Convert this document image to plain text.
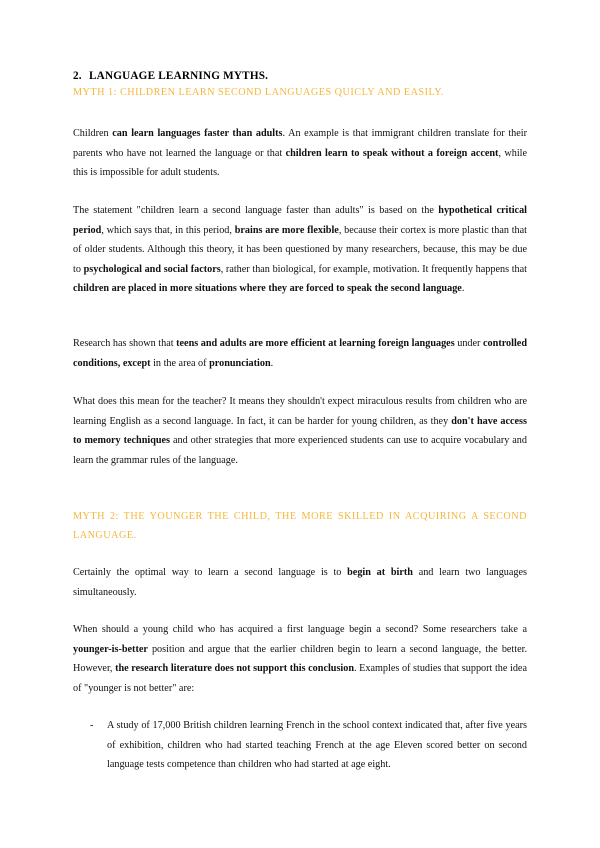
2. LANGUAGE LEARNING MYTHS.
MYTH 1: CHILDREN LEARN SECOND LANGUAGES QUICLY AND EASILY.
Children can learn languages faster than adults. An example is that immigrant children translate for their parents who have not learned the language or that children learn to speak without a foreign accent, while this is impossible for adult students.
The statement "children learn a second language faster than adults" is based on the hypothetical critical period, which says that, in this period, brains are more flexible, because their cortex is more plastic than that of older students. Although this theory, it has been questioned by many researchers, because, this may be due to psychological and social factors, rather than biological, for example, motivation. It frequently happens that children are placed in more situations where they are forced to speak the second language.
Research has shown that teens and adults are more efficient at learning foreign languages under controlled conditions, except in the area of pronunciation.
What does this mean for the teacher? It means they shouldn't expect miraculous results from children who are learning English as a second language. In fact, it can be harder for young children, as they don't have access to memory techniques and other strategies that more experienced students can use to acquire vocabulary and learn the grammar rules of the language.
MYTH 2: THE YOUNGER THE CHILD, THE MORE SKILLED IN ACQUIRING A SECOND LANGUAGE.
Certainly the optimal way to learn a second language is to begin at birth and learn two languages simultaneously.
When should a young child who has acquired a first language begin a second? Some researchers take a younger-is-better position and argue that the earlier children begin to learn a second language, the better. However, the research literature does not support this conclusion. Examples of studies that support the idea of "younger is not better" are:
- A study of 17,000 British children learning French in the school context indicated that, after five years of exhibition, children who had started teaching French at the age Eleven scored better on second language tests competence than children who had started at age eight.
